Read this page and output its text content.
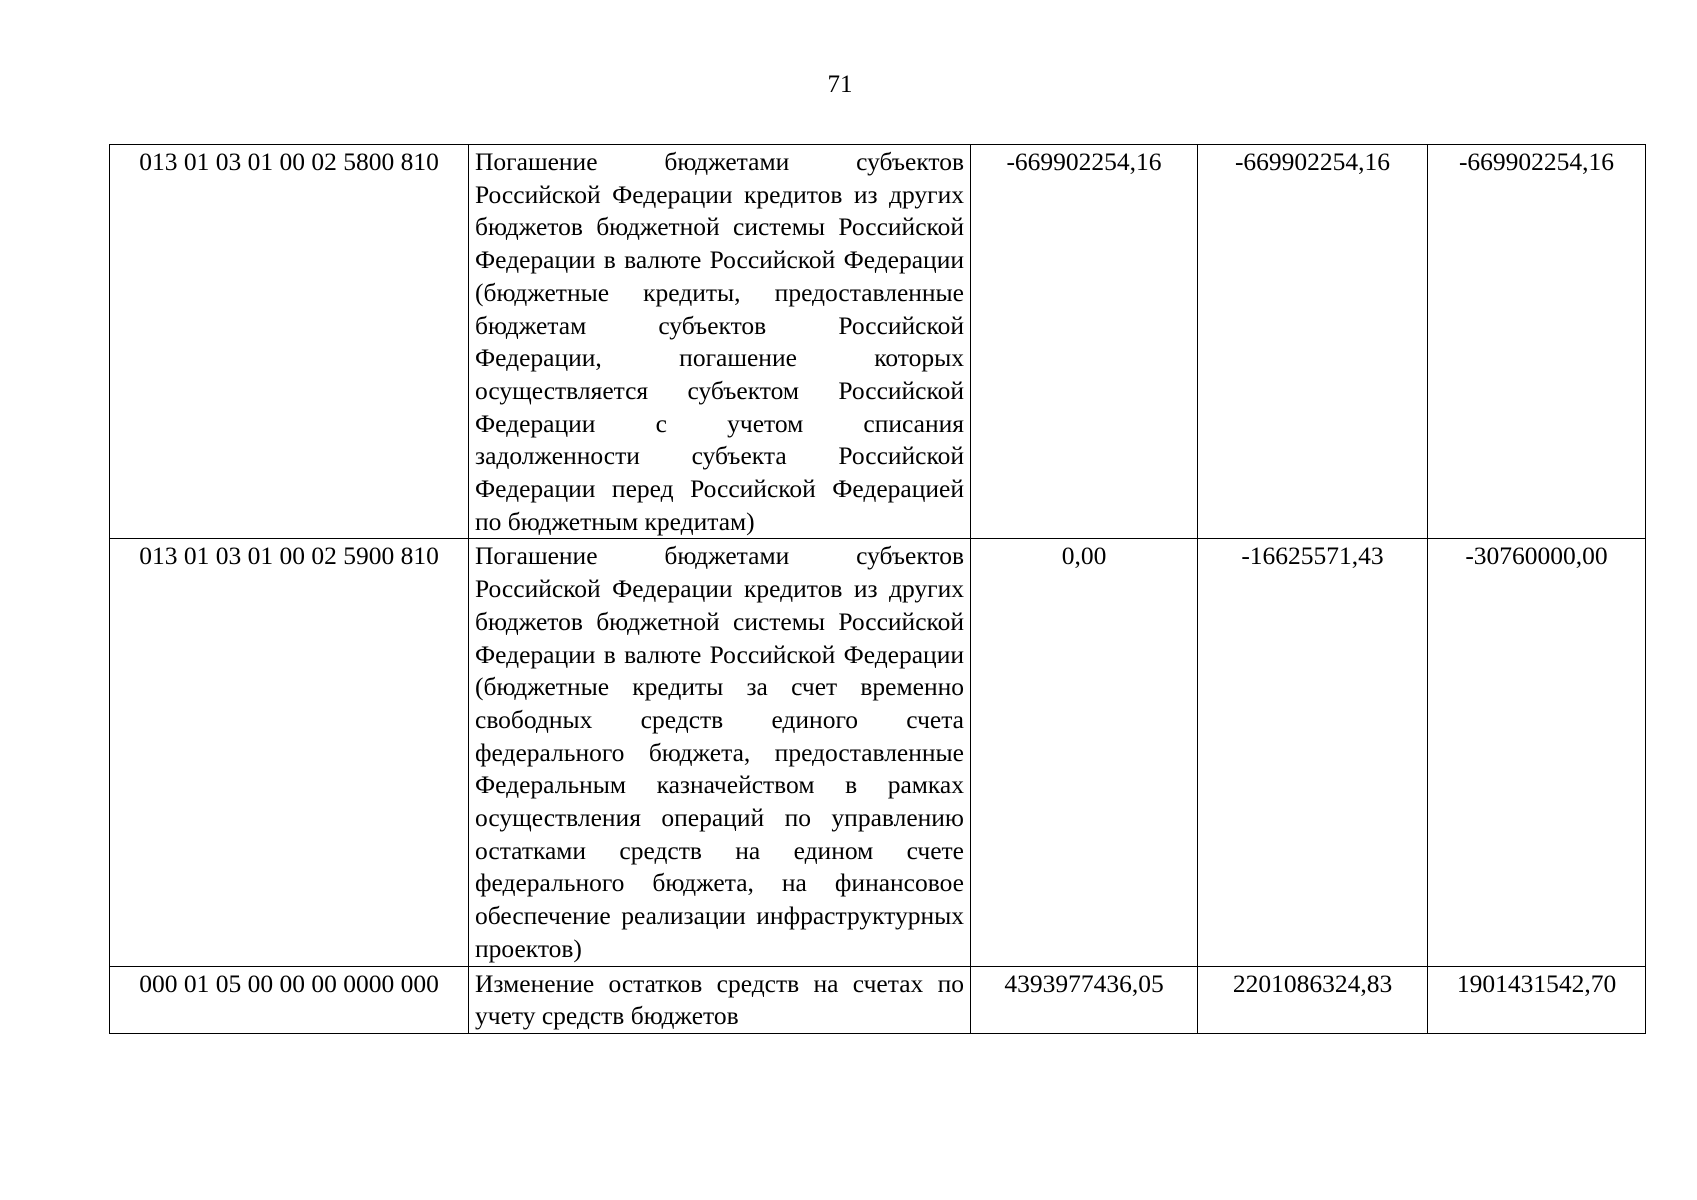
71
013 01 03 01 00 02 5800 810	Погашение бюджетами субъектов Российской Федерации кредитов из других бюджетов бюджетной системы Российской Федерации в валюте Российской Федерации (бюджетные кредиты, предоставленные бюджетам субъектов Российской Федерации, погашение которых осуществляется субъектом Российской Федерации с учетом списания задолженности субъекта Российской Федерации перед Российской Федерацией по бюджетным кредитам)	-669902254,16	-669902254,16	-669902254,16
013 01 03 01 00 02 5900 810	Погашение бюджетами субъектов Российской Федерации кредитов из других бюджетов бюджетной системы Российской Федерации в валюте Российской Федерации (бюджетные кредиты за счет временно свободных средств единого счета федерального бюджета, предоставленные Федеральным казначейством в рамках осуществления операций по управлению остатками средств на едином счете федерального бюджета, на финансовое обеспечение реализации инфраструктурных проектов)	0,00	-16625571,43	-30760000,00
000 01 05 00 00 00 0000 000	Изменение остатков средств на счетах по учету средств бюджетов	4393977436,05	2201086324,83	1901431542,70
